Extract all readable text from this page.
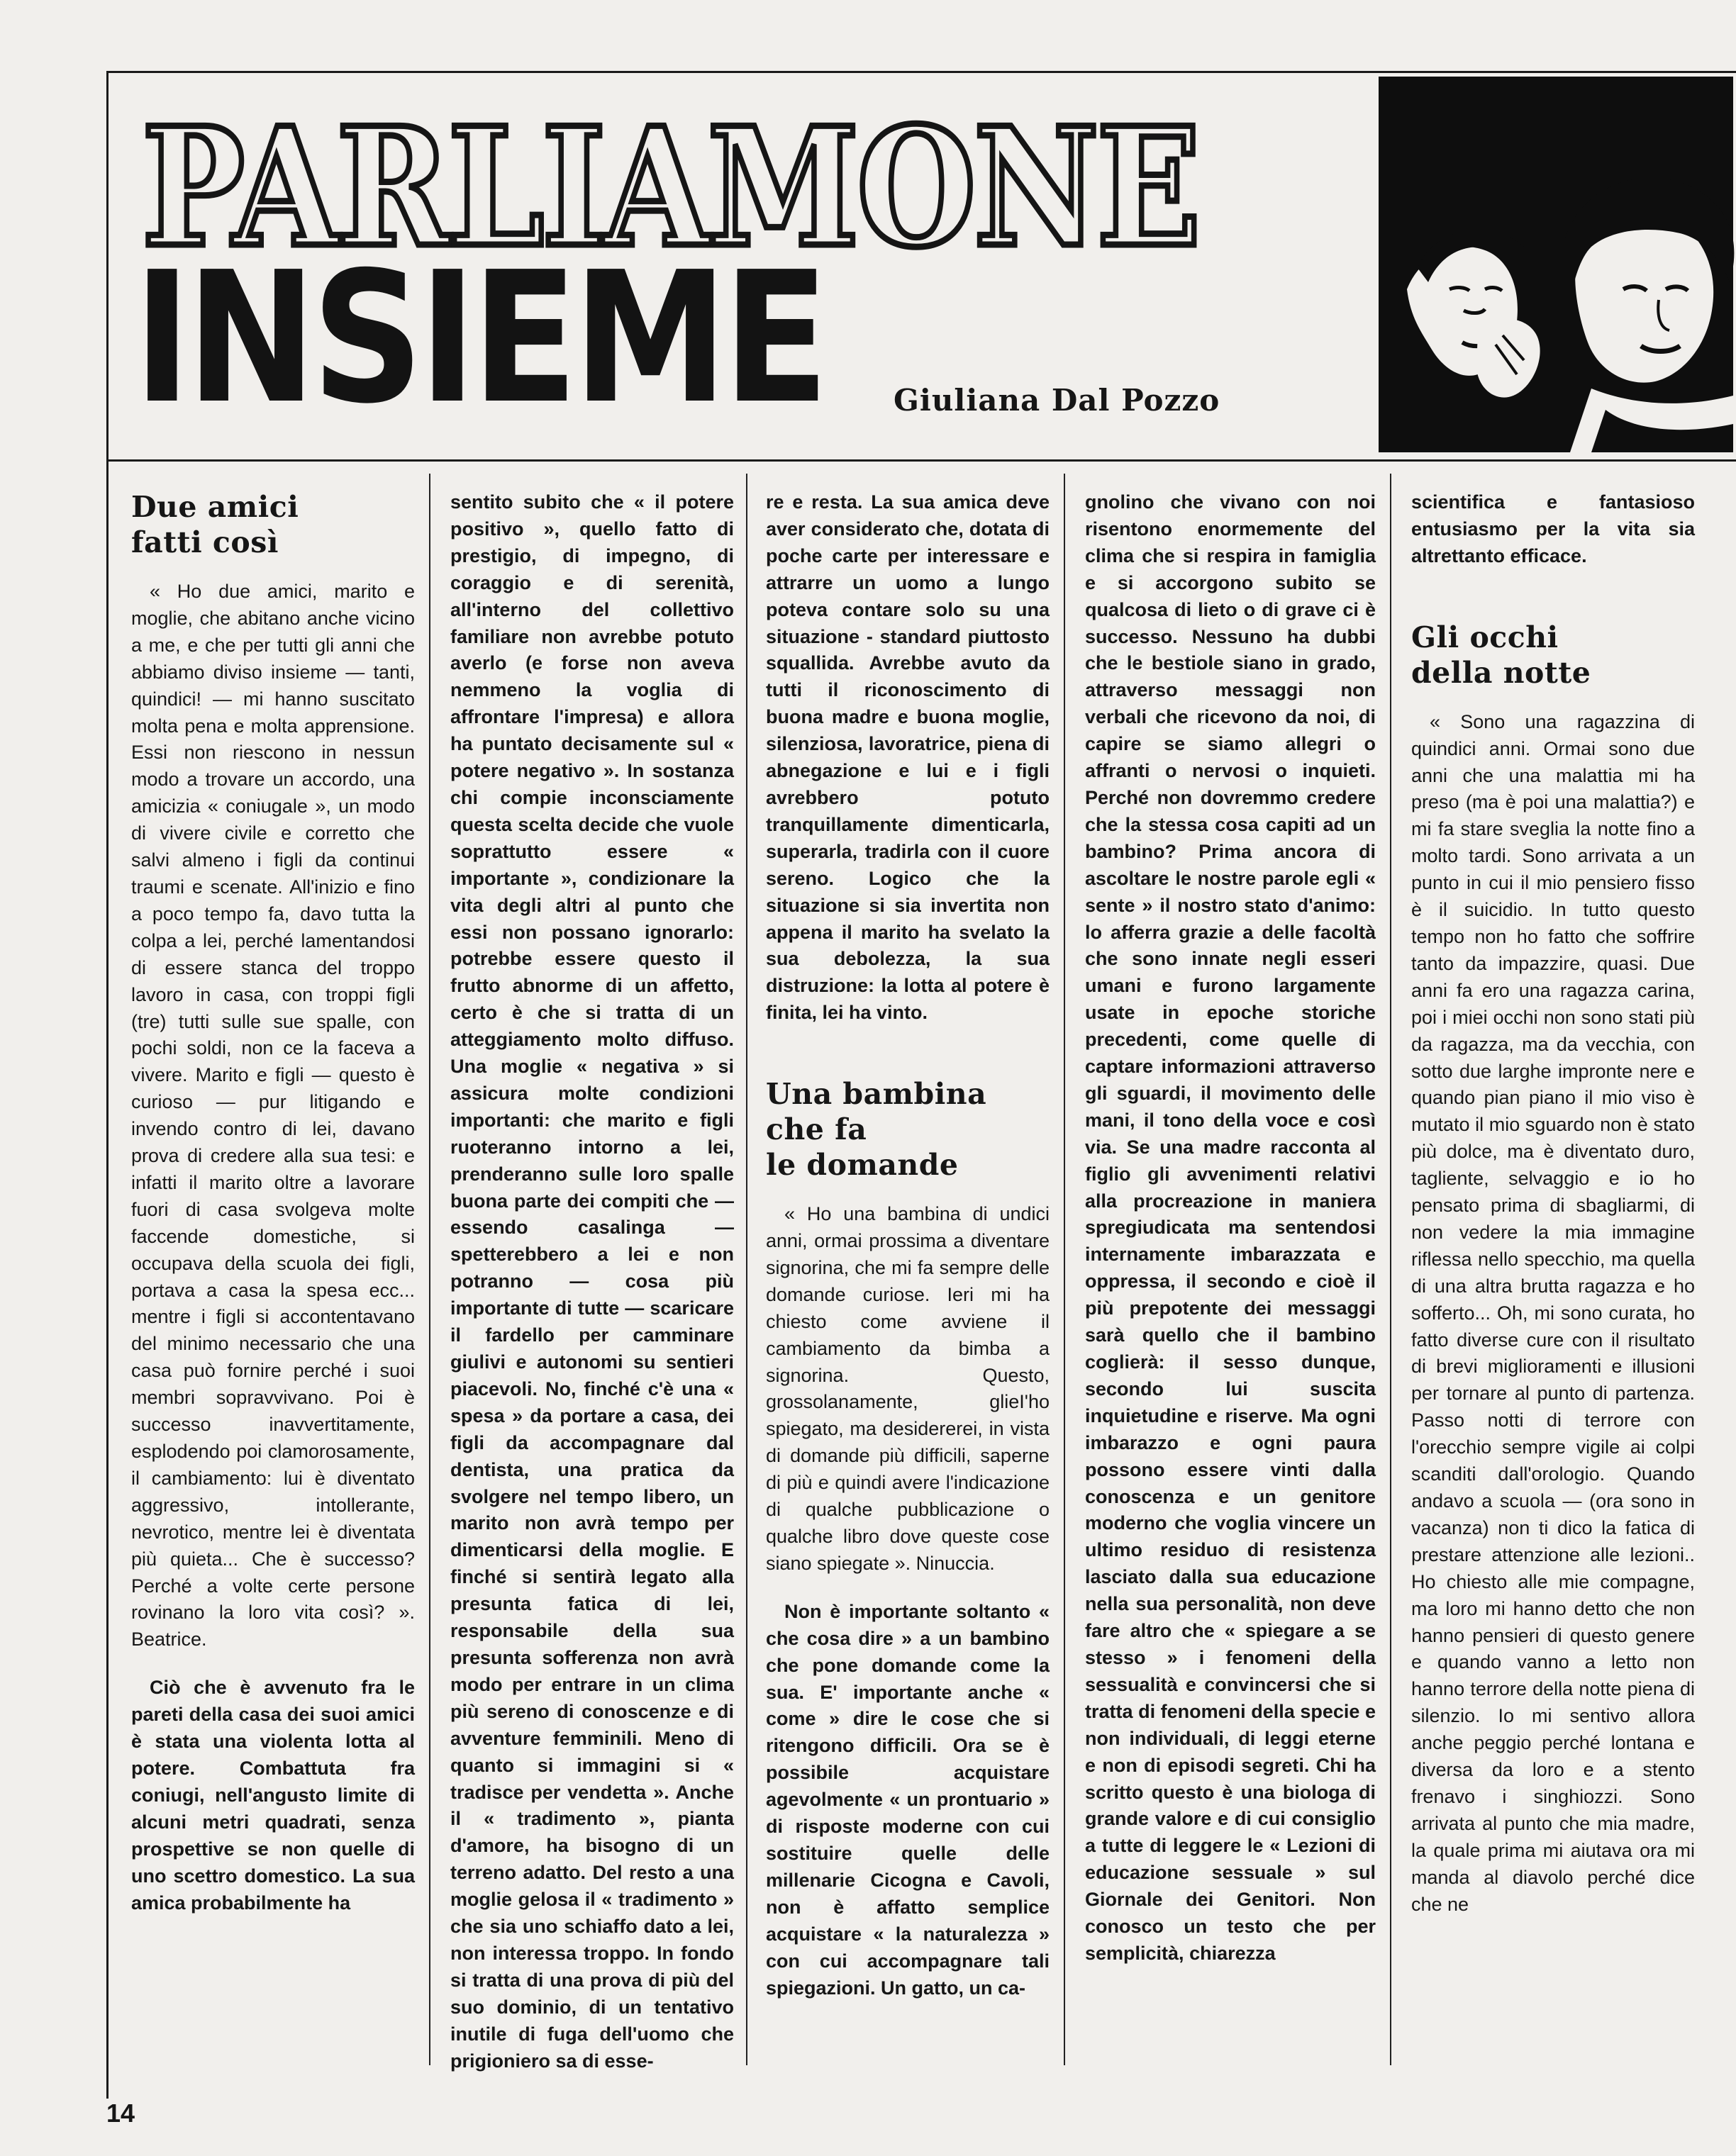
PARLIAMONE
INSIEME Giuliana Dal Pozzo
Due amici
fatti così

« Ho due amici, marito e moglie, che abitano anche vicino a me, e che per tutti gli anni che abbiamo diviso insieme — tanti, quindici! — mi hanno suscitato molta pena e molta apprensione. Essi non riescono in nessun modo a trovare un accordo, una amicizia « coniugale », un modo di vivere civile e corretto che salvi almeno i figli da continui traumi e scenate. All'inizio e fino a poco tempo fa, davo tutta la colpa a lei, perché lamentandosi di essere stanca del troppo lavoro in casa, con troppi figli (tre) tutti sulle sue spalle, con pochi soldi, non ce la faceva a vivere. Marito e figli — questo è curioso — pur litigando e invendo contro di lei, davano prova di credere alla sua tesi: e infatti il marito oltre a lavorare fuori di casa svolgeva molte faccende domestiche, si occupava della scuola dei figli, portava a casa la spesa ecc... mentre i figli si accontentavano del minimo necessario che una casa può fornire perché i suoi membri sopravvivano. Poi è successo inavvertitamente, esplodendo poi clamorosamente, il cambiamento: lui è diventato aggressivo, intollerante, nevrotico, mentre lei è diventata più quieta... Che è successo? Perché a volte certe persone rovinano la loro vita così? ». Beatrice.

Ciò che è avvenuto fra le pareti della casa dei suoi amici è stata una violenta lotta al potere. Combattuta fra coniugi, nell'angusto limite di alcuni metri quadrati, senza prospettive se non quelle di uno scettro domestico. La sua amica probabilmente ha

sentito subito che « il potere positivo », quello fatto di prestigio, di impegno, di coraggio e di serenità, all'interno del collettivo familiare non avrebbe potuto averlo (e forse non aveva nemmeno la voglia di affrontare l'impresa) e allora ha puntato decisamente sul « potere negativo ». In sostanza chi compie inconsciamente questa scelta decide che vuole soprattutto essere « importante », condizionare la vita degli altri al punto che essi non possano ignorarlo: potrebbe essere questo il frutto abnorme di un affetto, certo è che si tratta di un atteggiamento molto diffuso. Una moglie « negativa » si assicura molte condizioni importanti: che marito e figli ruoteranno intorno a lei, prenderanno sulle loro spalle buona parte dei compiti che — essendo casalinga — spetterebbero a lei e non potranno — cosa più importante di tutte — scaricare il fardello per camminare giulivi e autonomi su sentieri piacevoli. No, finché c'è una « spesa » da portare a casa, dei figli da accompagnare dal dentista, una pratica da svolgere nel tempo libero, un marito non avrà tempo per dimenticarsi della moglie. E finché si sentirà legato alla presunta fatica di lei, responsabile della sua presunta sofferenza non avrà modo per entrare in un clima più sereno di conoscenze e di avventure femminili. Meno di quanto si immagini si « tradisce per vendetta ». Anche il « tradimento », pianta d'amore, ha bisogno di un terreno adatto. Del resto a una moglie gelosa il « tradimento » che sia uno schiaffo dato a lei, non interessa troppo. In fondo si tratta di una prova di più del suo dominio, di un tentativo inutile di fuga dell'uomo che prigioniero sa di esse-

re e resta. La sua amica deve aver considerato che, dotata di poche carte per interessare e attrarre un uomo a lungo poteva contare solo su una situazione - standard piuttosto squallida. Avrebbe avuto da tutti il riconoscimento di buona madre e buona moglie, silenziosa, lavoratrice, piena di abnegazione e lui e i figli avrebbero potuto tranquillamente dimenticarla, superarla, tradirla con il cuore sereno. Logico che la situazione si sia invertita non appena il marito ha svelato la sua debolezza, la sua distruzione: la lotta al potere è finita, lei ha vinto.

Una bambina
che fa
le domande

« Ho una bambina di undici anni, ormai prossima a diventare signorina, che mi fa sempre delle domande curiose. Ieri mi ha chiesto come avviene il cambiamento da bimba a signorina. Questo, grossolanamente, glieI'ho spiegato, ma desidererei, in vista di domande più difficili, saperne di più e quindi avere l'indicazione di qualche pubblicazione o qualche libro dove queste cose siano spiegate ». Ninuccia.

Non è importante soltanto « che cosa dire » a un bambino che pone domande come la sua. E' importante anche « come » dire le cose che si ritengono difficili. Ora se è possibile acquistare agevolmente « un prontuario » di risposte moderne con cui sostituire quelle delle millenarie Cicogna e Cavoli, non è affatto semplice acquistare « la naturalezza » con cui accompagnare tali spiegazioni. Un gatto, un ca-

gnolino che vivano con noi risentono enormemente del clima che si respira in famiglia e si accorgono subito se qualcosa di lieto o di grave ci è successo. Nessuno ha dubbi che le bestiole siano in grado, attraverso messaggi non verbali che ricevono da noi, di capire se siamo allegri o affranti o nervosi o inquieti. Perché non dovremmo credere che la stessa cosa capiti ad un bambino? Prima ancora di ascoltare le nostre parole egli « sente » il nostro stato d'animo: lo afferra grazie a delle facoltà che sono innate negli esseri umani e furono largamente usate in epoche storiche precedenti, come quelle di captare informazioni attraverso gli sguardi, il movimento delle mani, il tono della voce e così via. Se una madre racconta al figlio gli avvenimenti relativi alla procreazione in maniera spregiudicata ma sentendosi internamente imbarazzata e oppressa, il secondo e cioè il più prepotente dei messaggi sarà quello che il bambino coglierà: il sesso dunque, secondo lui suscita inquietudine e riserve. Ma ogni imbarazzo e ogni paura possono essere vinti dalla conoscenza e un genitore moderno che voglia vincere un ultimo residuo di resistenza lasciato dalla sua educazione nella sua personalità, non deve fare altro che « spiegare a se stesso » i fenomeni della sessualità e convincersi che si tratta di fenomeni della specie e non individuali, di leggi eterne e non di episodi segreti. Chi ha scritto questo è una biologa di grande valore e di cui consiglio a tutte di leggere le « Lezioni di educazione sessuale » sul Giornale dei Genitori. Non conosco un testo che per semplicità, chiarezza

scientifica e fantasioso entusiasmo per la vita sia altrettanto efficace.

Gli occhi
della notte

« Sono una ragazzina di quindici anni. Ormai sono due anni che una malattia mi ha preso (ma è poi una malattia?) e mi fa stare sveglia la notte fino a molto tardi. Sono arrivata a un punto in cui il mio pensiero fisso è il suicidio. In tutto questo tempo non ho fatto che soffrire tanto da impazzire, quasi. Due anni fa ero una ragazza carina, poi i miei occhi non sono stati più da ragazza, ma da vecchia, con sotto due larghe impronte nere e quando pian piano il mio viso è mutato il mio sguardo non è stato più dolce, ma è diventato duro, tagliente, selvaggio e io ho pensato prima di sbagliarmi, di non vedere la mia immagine riflessa nello specchio, ma quella di una altra brutta ragazza e ho sofferto... Oh, mi sono curata, ho fatto diverse cure con il risultato di brevi miglioramenti e illusioni per tornare al punto di partenza. Passo notti di terrore con l'orecchio sempre vigile ai colpi scanditi dall'orologio. Quando andavo a scuola — (ora sono in vacanza) non ti dico la fatica di prestare attenzione alle lezioni.. Ho chiesto alle mie compagne, ma loro mi hanno detto che non hanno pensieri di questo genere e quando vanno a letto non hanno terrore della notte piena di silenzio. Io mi sentivo allora anche peggio perché lontana e diversa da loro e a stento frenavo i singhiozzi. Sono arrivata al punto che mia madre, la quale prima mi aiutava ora mi manda al diavolo perché dice che ne

14
